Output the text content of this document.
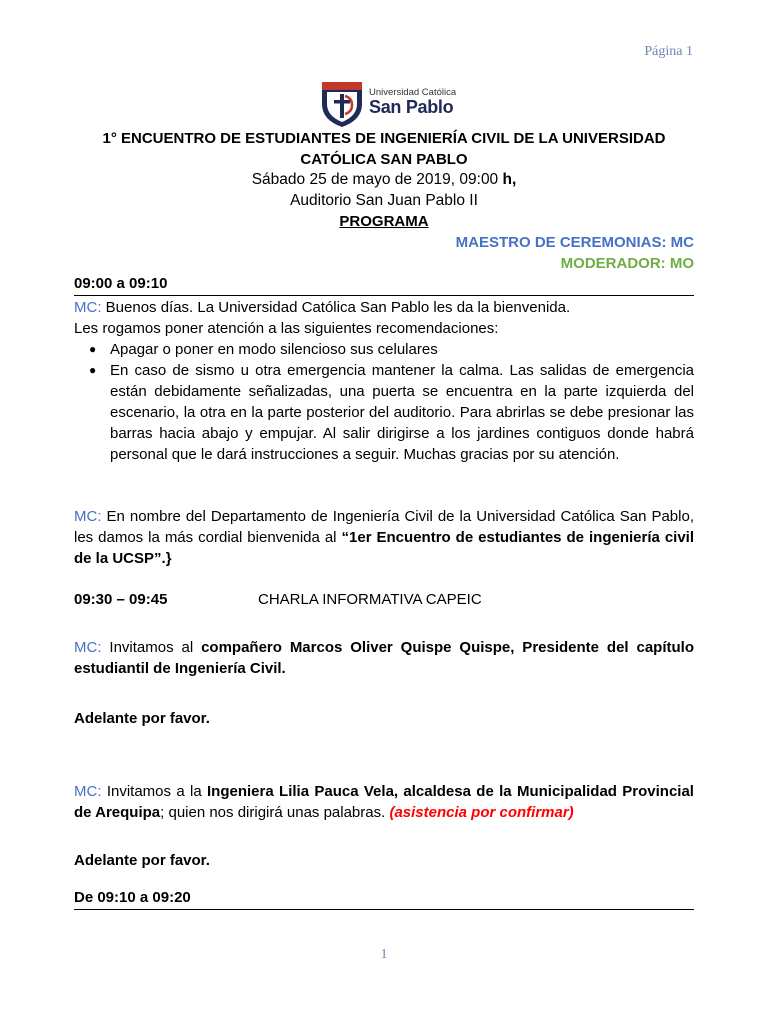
Página 1
Universidad Católica
San Pablo
1° ENCUENTRO DE ESTUDIANTES DE INGENIERÍA CIVIL DE LA UNIVERSIDAD
CATÓLICA SAN PABLO
Sábado 25 de mayo de 2019, 09:00 h,
Auditorio San Juan Pablo II
PROGRAMA
MAESTRO DE CEREMONIAS: MC
MODERADOR: MO
09:00 a 09:10
MC: Buenos días. La Universidad Católica San Pablo les da la bienvenida.
Les rogamos poner atención a las siguientes recomendaciones:

● Apagar o poner en modo silencioso sus celulares

● En caso de sismo u otra emergencia mantener la calma. Las salidas de emergencia están debidamente señalizadas, una puerta se encuentra en la parte izquierda del escenario, la otra en la parte posterior del auditorio. Para abrirlas se debe presionar las barras hacia abajo y empujar. Al salir dirigirse a los jardines contiguos donde habrá personal que le dará instrucciones a seguir. Muchas gracias por su atención.

MC: En nombre del Departamento de Ingeniería Civil de la Universidad Católica San Pablo, les damos la más cordial bienvenida al “1er Encuentro de estudiantes de ingeniería civil de la UCSP”.}
09:30 – 09:45	CHARLA INFORMATIVA CAPEIC
MC: Invitamos al compañero Marcos Oliver Quispe Quispe, Presidente del capítulo estudiantil de Ingeniería Civil.
Adelante por favor.
MC: Invitamos a la Ingeniera Lilia Pauca Vela, alcaldesa de la Municipalidad Provincial de Arequipa; quien nos dirigirá unas palabras. (asistencia por confirmar)
Adelante por favor.
De 09:10 a 09:20
1
